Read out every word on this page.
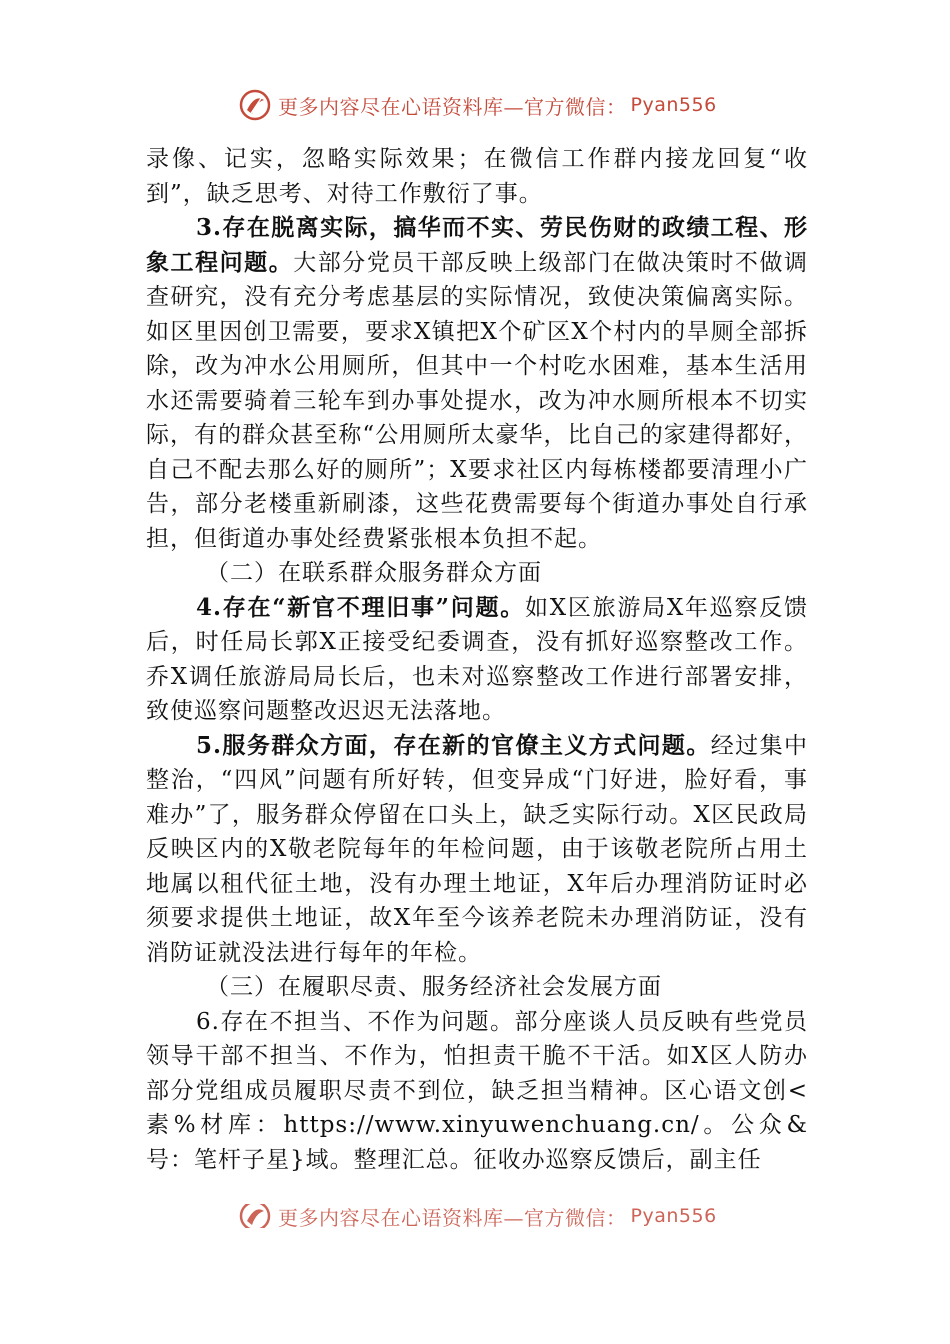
更多内容尽在心语资料库—官方微信： Pyan556

录像、记实，忽略实际效果；在微信工作群内接龙回复“收到”，缺乏思考、对待工作敷衍了事。

3.存在脱离实际，搞华而不实、劳民伤财的政绩工程、形象工程问题。大部分党员干部反映上级部门在做决策时不做调查研究，没有充分考虑基层的实际情况，致使决策偏离实际。如区里因创卫需要，要求X镇把X个矿区X个村内的旱厕全部拆除，改为冲水公用厕所，但其中一个村吃水困难，基本生活用水还需要骑着三轮车到办事处提水，改为冲水厕所根本不切实际，有的群众甚至称“公用厕所太豪华，比自己的家建得都好，自己不配去那么好的厕所”；X要求社区内每栋楼都要清理小广告，部分老楼重新刷漆，这些花费需要每个街道办事处自行承担，但街道办事处经费紧张根本负担不起。

（二）在联系群众服务群众方面

4.存在“新官不理旧事”问题。如X区旅游局X年巡察反馈后，时任局长郭X正接受纪委调查，没有抓好巡察整改工作。乔X调任旅游局局长后，也未对巡察整改工作进行部署安排，致使巡察问题整改迟迟无法落地。

5.服务群众方面，存在新的官僚主义方式问题。经过集中整治，“四风”问题有所好转，但变异成“门好进，脸好看，事难办”了，服务群众停留在口头上，缺乏实际行动。X区民政局反映区内的X敬老院每年的年检问题，由于该敬老院所占用土地属以租代征土地，没有办理土地证，X年后办理消防证时必须要求提供土地证，故X年至今该养老院未办理消防证，没有消防证就没法进行每年的年检。

（三）在履职尽责、服务经济社会发展方面

6.存在不担当、不作为问题。部分座谈人员反映有些党员领导干部不担当、不作为，怕担责干脆不干活。如X区人防办部分党组成员履职尽责不到位，缺乏担当精神。区心语文创<素%材库：https://www.xinyuwenchuang.cn/。公众&号：笔杆子星}域。整理汇总。征收办巡察反馈后，副主任

更多内容尽在心语资料库—官方微信： Pyan556
